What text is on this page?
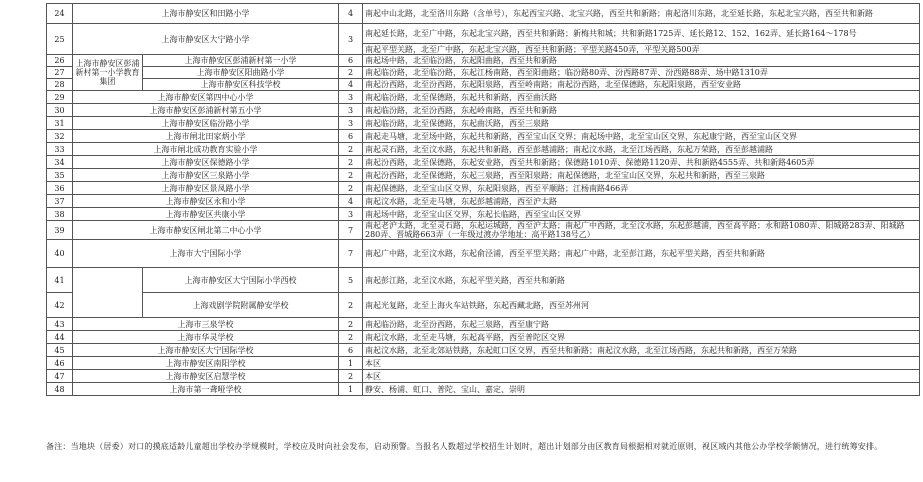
24	上海市静安区和田路小学		4	南起中山北路，北至洛川东路（含单号），东起西宝兴路、北宝兴路，西至共和新路；南起洛川东路，北至延长路，东起北宝兴路，西至共和新路
25	上海市静安区大宁路小学		3	南起延长路，北至广中路，东起北宝兴路，西至共和新路；新梅共和城；共和新路1725弄、延长路12、152、162弄、延长路164～178号
				南起平型关路，北至广中路，东起北宝兴路，西至共和新路；平型关路450弄，平型关路500弄
26	上海市静安区彭浦新村第一小学教育集团	上海市静安区彭浦新村第一小学	6	南起场中路，北至临汾路，东起阳曲路，西至共和新路
27		上海市静安区阳曲路小学	2	南起临汾路，北至临汾路，东起江杨南路，西至阳曲路；临汾路80弄、汾西路87弄、汾西路88弄、场中路1310弄
28		上海市静安区科技学校	4	南起汾西路，北至汾西路，东起阳泉路，西至岭南路；南起汾西路，北至保德路，东起阳泉路，西至安业路
29	上海市静安区第四中心小学		3	南起临汾路，北至保德路，东起共和新路，西至曲沃路
30	上海市静安区彭浦新村第五小学		3	南起临汾路，北至汾西路，东起岭南路，西至共和新路
31	上海市静安区临汾路小学		3	南起临汾路，北至保德路，东起曲沃路，西至三泉路
32	上海市闸北田家炳小学		6	南起走马塘，北至场中路，东起共和新路，西至宝山区交界；南起场中路，北至宝山区交界，东起康宁路，西至宝山区交界
33	上海市闸北成功教育实验小学		2	南起灵石路，北至汶水路，东起共和新路，西至彭越浦路；南起汶水路，北至江场西路，东起万荣路，西至彭越浦路
34	上海市静安区保德路小学		2	南起汾西路，北至保德路，东起安业路，西至共和新路；保德路1010弄、保德路1120弄、共和新路4555弄、共和新路4605弄
35	上海市静安区三泉路小学		2	南起汾西路，北至保德路，东起三泉路，西至阳泉路；南起保德路，北至宝山区交界，东起共和新路，西至三泉路
36	上海市静安区景凤路小学		2	南起保德路，北至宝山区交界，东起阳泉路，西至平顺路；江杨南路466弄
37	上海市静安区永和小学		4	南起汶水路，北至走马塘，东起彭越浦路，西至沪太路
38	上海市静安区共康小学		3	南起场中路，北至宝山区交界，东起长临路，西至宝山区交界
39	上海市静安区闸北第二中心小学		7	南起老沪太路，北至灵石路，东起运城路，西至沪太路；南起广中西路，北至汶水路，东起彭越浦，西至高平路；永和路1080弄、阳城路283弄、阳城路280弄、晋城路663弄（一年级过渡办学地址：高平路138号乙）
40	上海市大宁国际小学		7	南起广中路，北至汶水路，东起俞泾浦，西至平型关路；南起广中路，北至彭江路，东起平型关路，西至共和新路
41		上海市静安区大宁国际小学西校	5	南起彭江路，北至汶水路，东起平型关路，西至共和新路
42		上海戏剧学院附属静安学校	2	南起光复路，北至上海火车站铁路，东起西藏北路，西至苏州河
43	上海市三泉学校		2	南起临汾路，北至汾西路，东起三泉路，西至康宁路
44	上海市华灵学校		2	南起汶水路，北至走马塘，东起高平路，西至普陀区交界
45	上海市静安区大宁国际学校		6	南起汶水路，北至北郊站铁路，东起虹口区交界，西至共和新路；南起汶水路，北至江场西路，东起共和新路，西至万荣路
46	上海市静安区南阳学校		1	本区
47	上海市静安区启慧学校		2	本区
48	上海市第一聋哑学校		1	静安、杨浦、虹口、普陀、宝山、嘉定、崇明
备注：当地块（居委）对口的摸底适龄儿童超出学校办学规模时，学校应及时向社会发布，启动预警。当报名人数超过学校招生计划时，超出计划部分由区教育局根据相对就近原则，视区域内其他公办学校学额情况，进行统筹安排。
